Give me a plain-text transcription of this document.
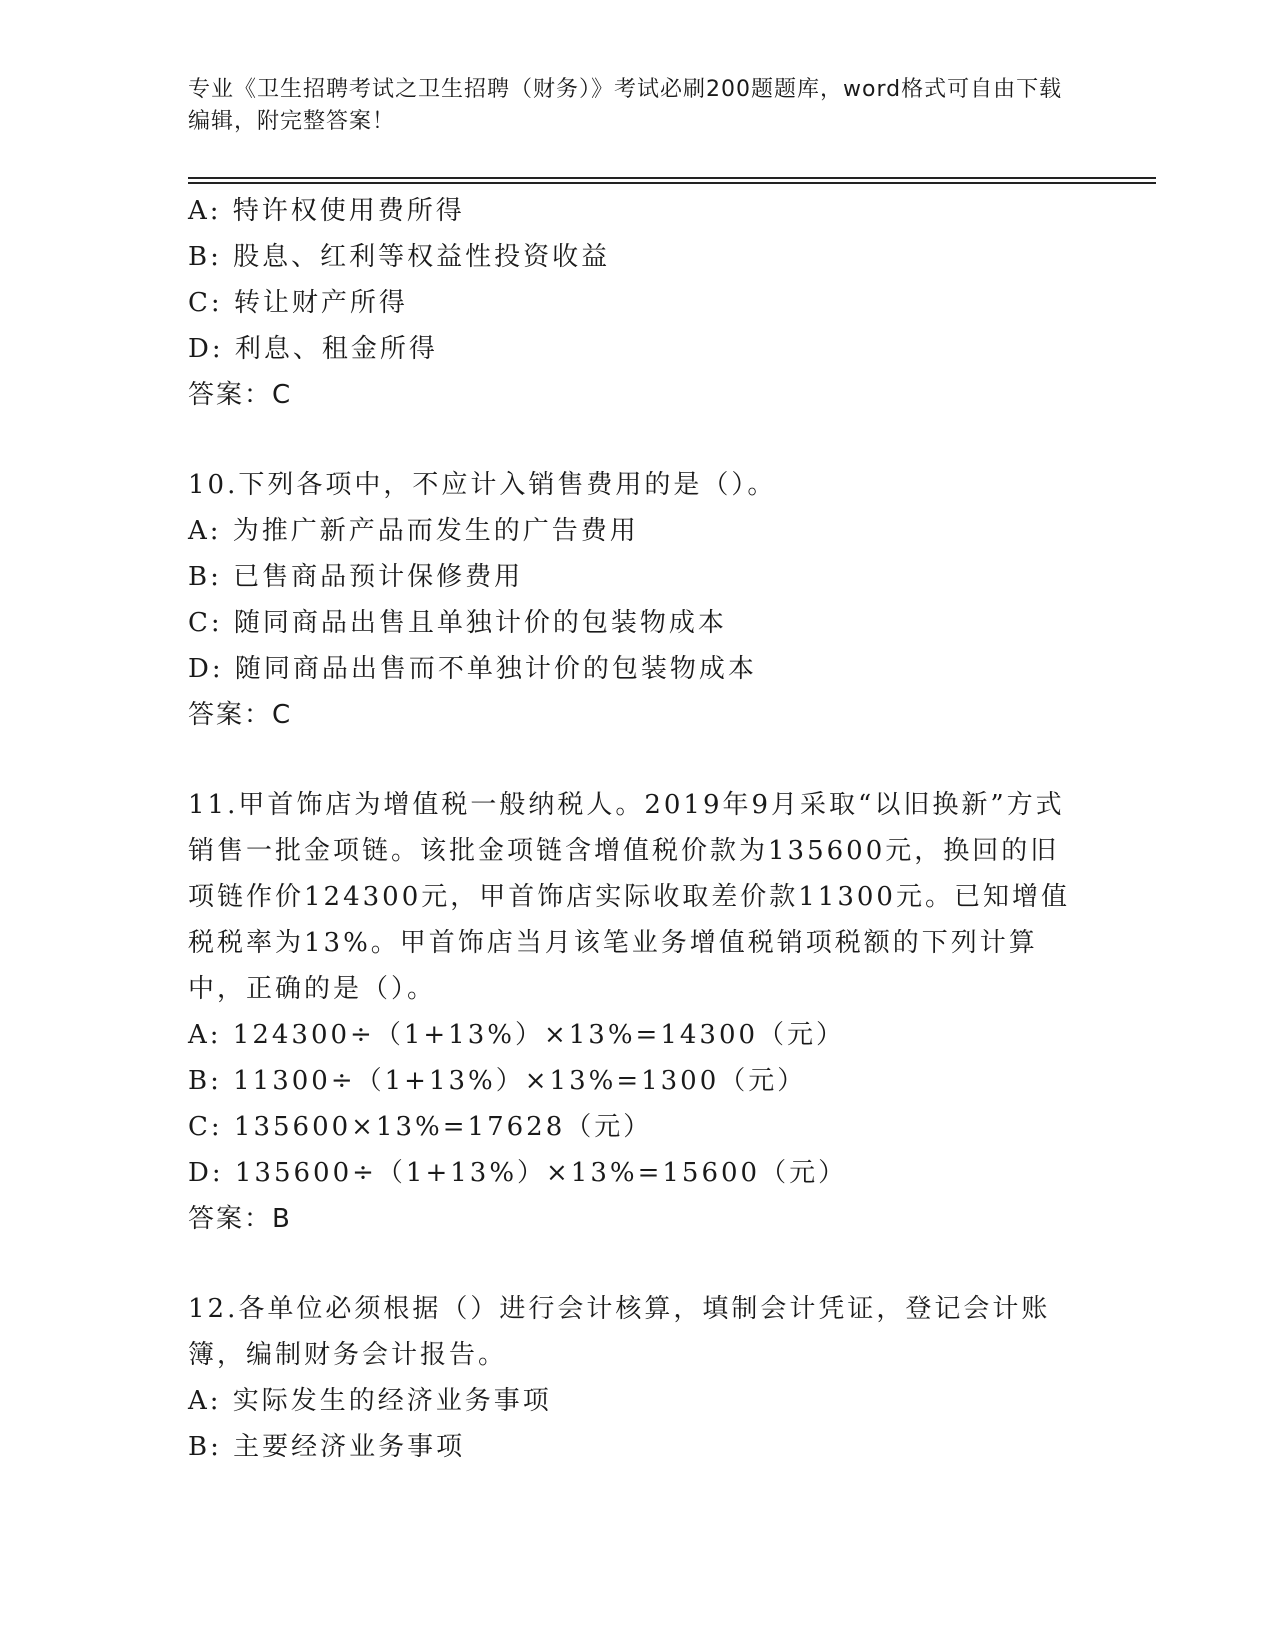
专业《卫生招聘考试之卫生招聘（财务）》考试必刷200题题库，word格式可自由下载编辑，附完整答案！
A: 特许权使用费所得
B: 股息、红利等权益性投资收益
C: 转让财产所得
D: 利息、租金所得
答案：C
10.下列各项中，不应计入销售费用的是（）。
A: 为推广新产品而发生的广告费用
B: 已售商品预计保修费用
C: 随同商品出售且单独计价的包装物成本
D: 随同商品出售而不单独计价的包装物成本
答案：C
11.甲首饰店为增值税一般纳税人。2019年9月采取“以旧换新”方式销售一批金项链。该批金项链含增值税价款为135600元，换回的旧项链作价124300元，甲首饰店实际收取差价款11300元。已知增值税税率为13%。甲首饰店当月该笔业务增值税销项税额的下列计算中，正确的是（）。
A: 124300÷（1+13%）×13%=14300（元）
B: 11300÷（1+13%）×13%=1300（元）
C: 135600×13%=17628（元）
D: 135600÷（1+13%）×13%=15600（元）
答案：B
12.各单位必须根据（）进行会计核算，填制会计凭证，登记会计账簿，编制财务会计报告。
A: 实际发生的经济业务事项
B: 主要经济业务事项
